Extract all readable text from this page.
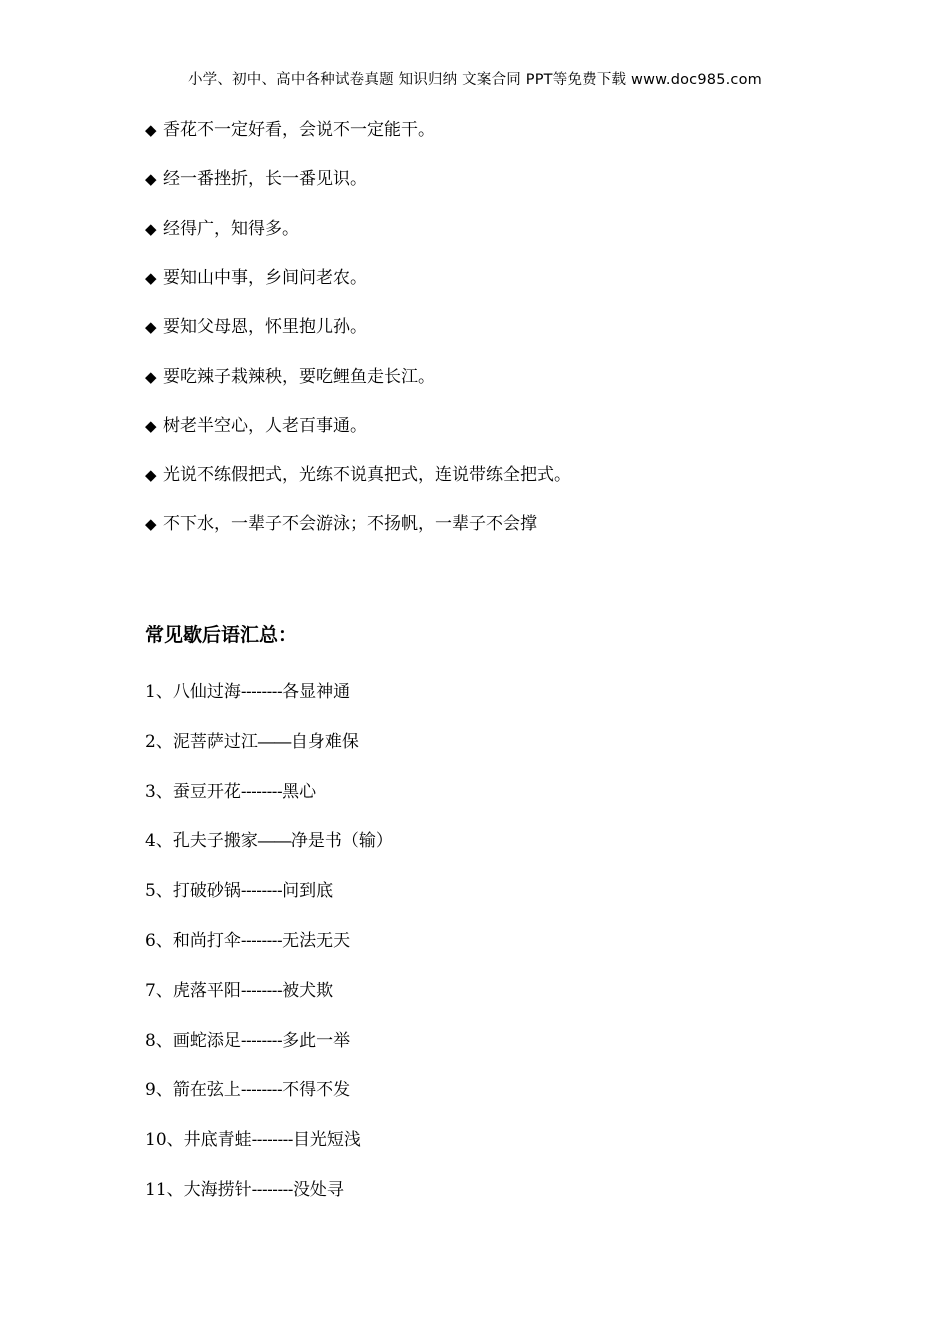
小学、初中、高中各种试卷真题 知识归纳 文案合同 PPT等免费下载 www.doc985.com
◆ 香花不一定好看，会说不一定能干。
◆ 经一番挫折，长一番见识。
◆ 经得广，知得多。
◆ 要知山中事，乡间问老农。
◆ 要知父母恩，怀里抱儿孙。
◆ 要吃辣子栽辣秧，要吃鲤鱼走长江。
◆ 树老半空心，人老百事通。
◆ 光说不练假把式，光练不说真把式，连说带练全把式。
◆ 不下水，一辈子不会游泳；不扬帆，一辈子不会撑
常见歇后语汇总：
1、八仙过海--------各显神通
2、泥菩萨过江——自身难保
3、蚕豆开花--------黑心
4、孔夫子搬家——净是书（输）
5、打破砂锅--------问到底
6、和尚打伞--------无法无天
7、虎落平阳--------被犬欺
8、画蛇添足--------多此一举
9、箭在弦上--------不得不发
10、井底青蛙--------目光短浅
11、大海捞针--------没处寻
